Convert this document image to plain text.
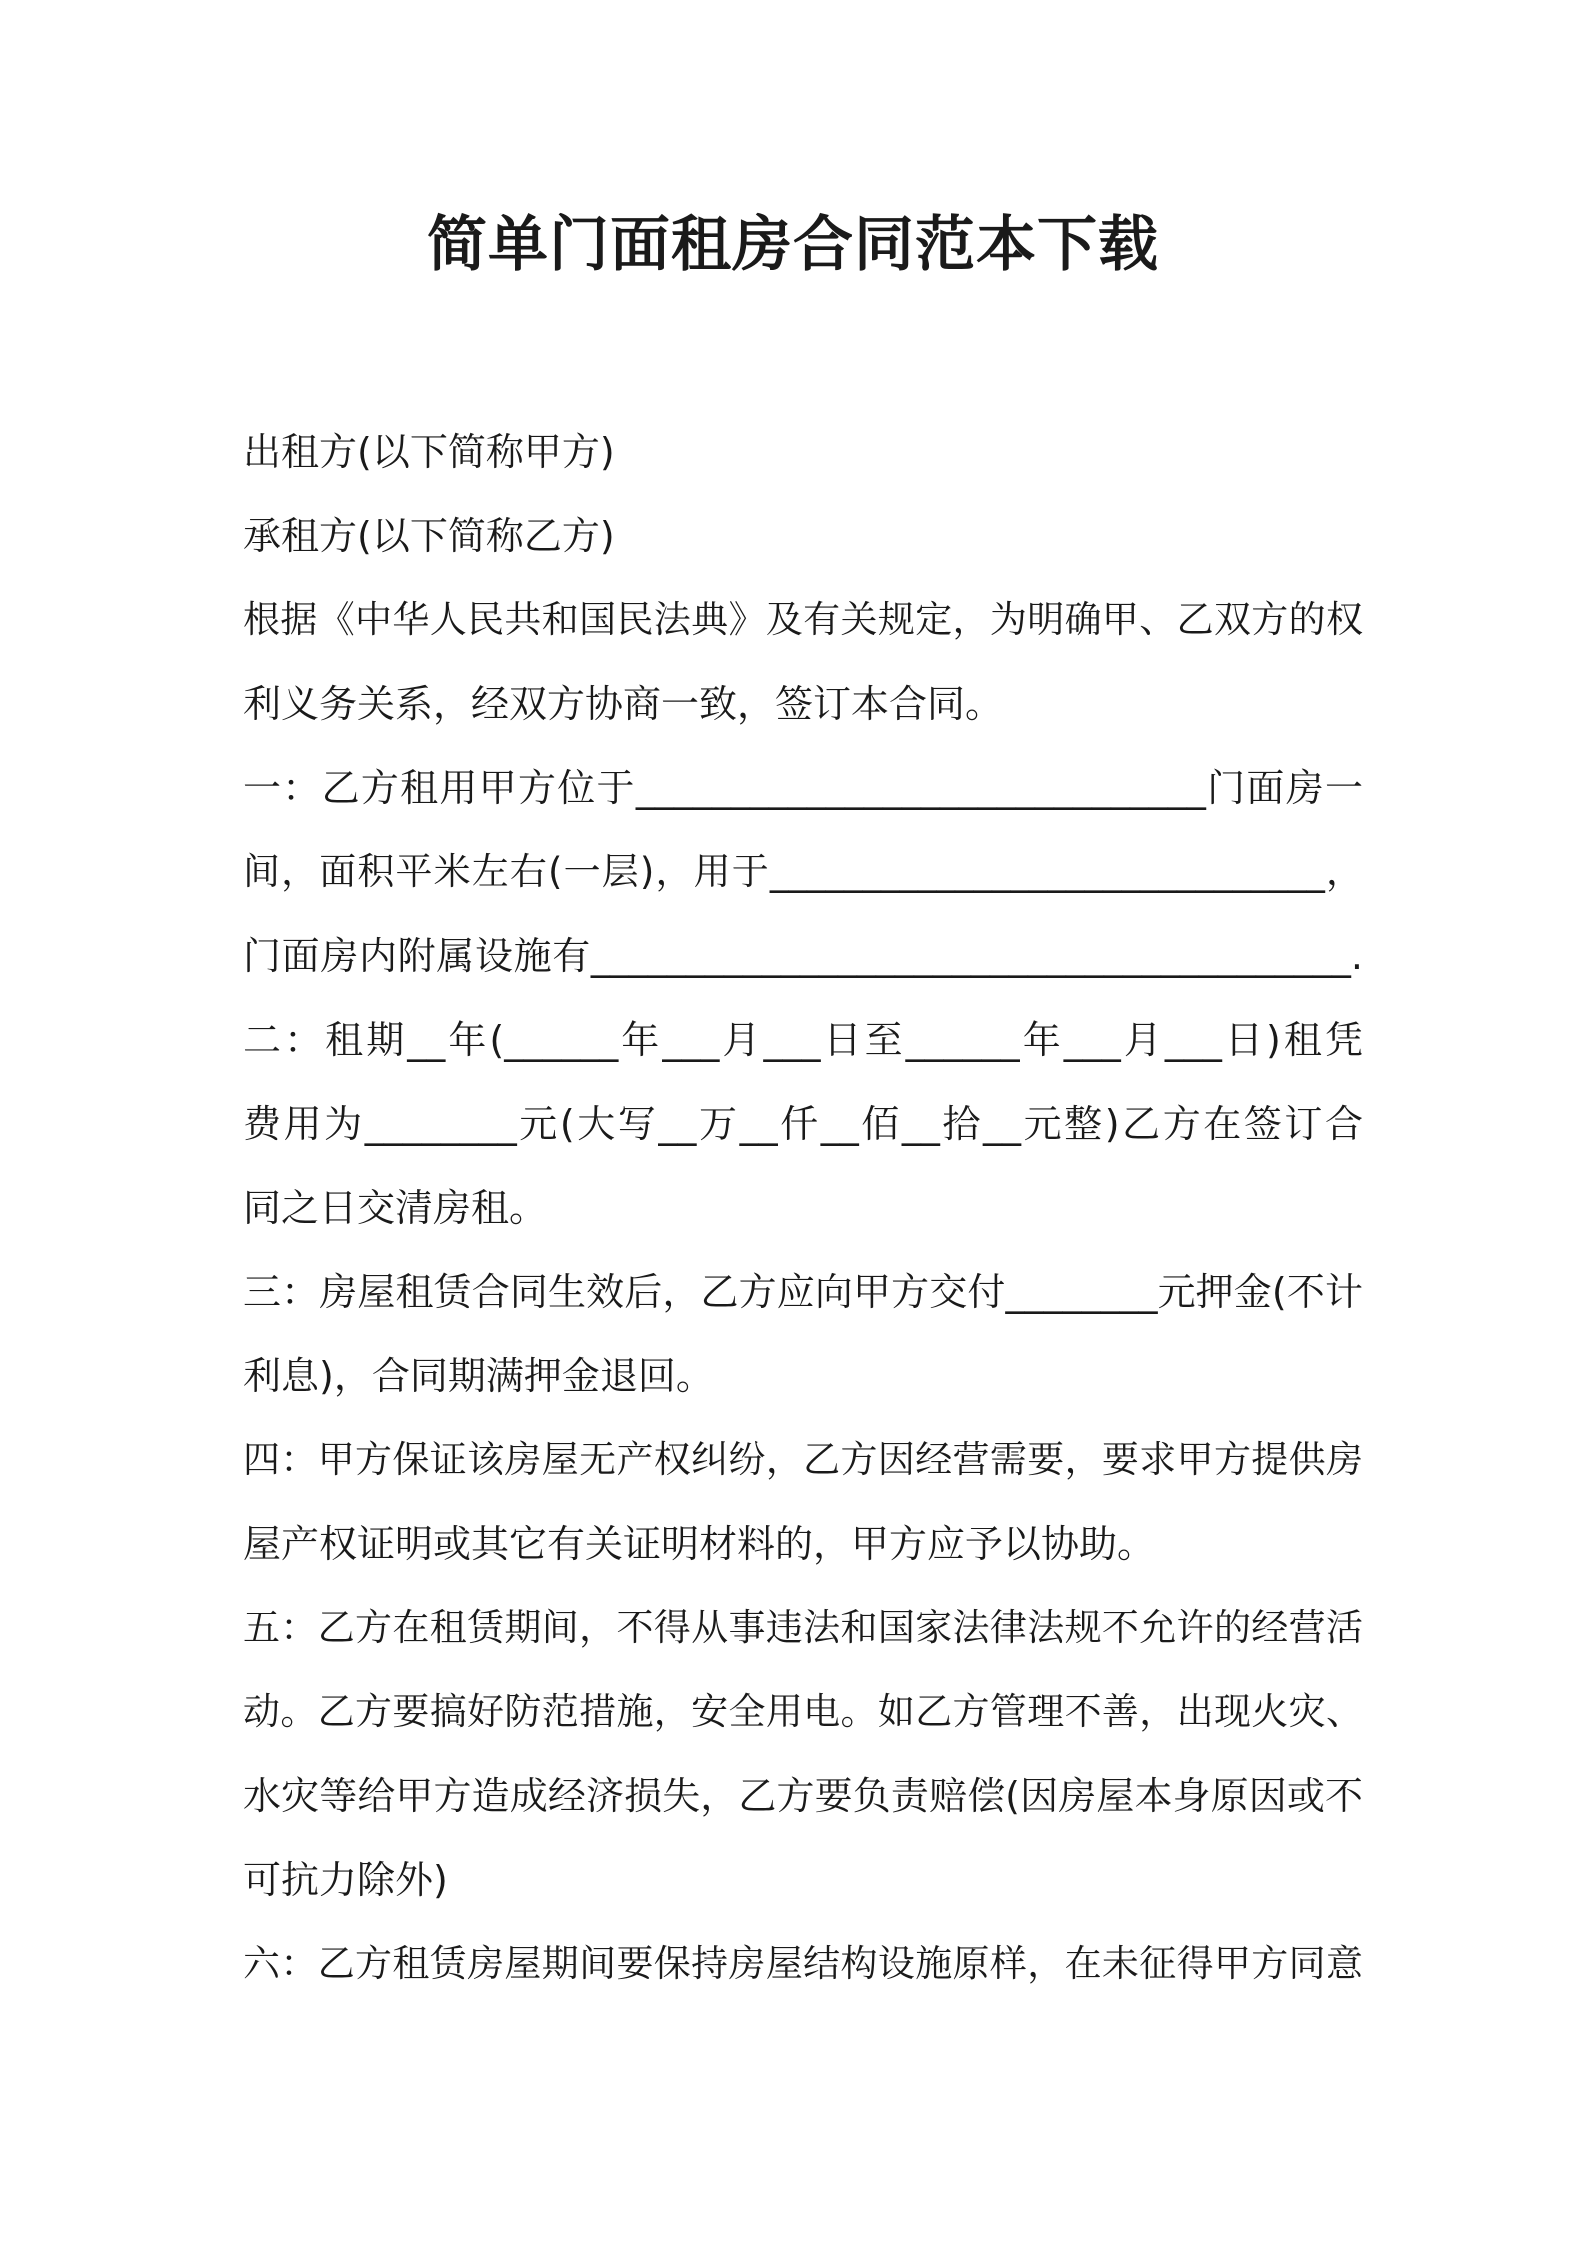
简单门面租房合同范本下载

出租方(以下简称甲方)

承租方(以下简称乙方)

根据《中华人民共和国民法典》及有关规定，为明确甲、乙双方的权

利义务关系，经双方协商一致，签订本合同。

一：乙方租用甲方位于______________________________门面房一

间，面积平米左右(一层)，用于______________________________，

门面房内附属设施有________________________________________.

二：租期__年(______年___月___日至______年___月___日)租凭

费用为________元(大写__万__仟__佰__拾__元整)乙方在签订合

同之日交清房租。

三：房屋租赁合同生效后，乙方应向甲方交付________元押金(不计

利息)，合同期满押金退回。

四：甲方保证该房屋无产权纠纷，乙方因经营需要，要求甲方提供房

屋产权证明或其它有关证明材料的，甲方应予以协助。

五：乙方在租赁期间，不得从事违法和国家法律法规不允许的经营活

动。乙方要搞好防范措施，安全用电。如乙方管理不善，出现火灾、

水灾等给甲方造成经济损失，乙方要负责赔偿(因房屋本身原因或不

可抗力除外)

六：乙方租赁房屋期间要保持房屋结构设施原样，在未征得甲方同意
